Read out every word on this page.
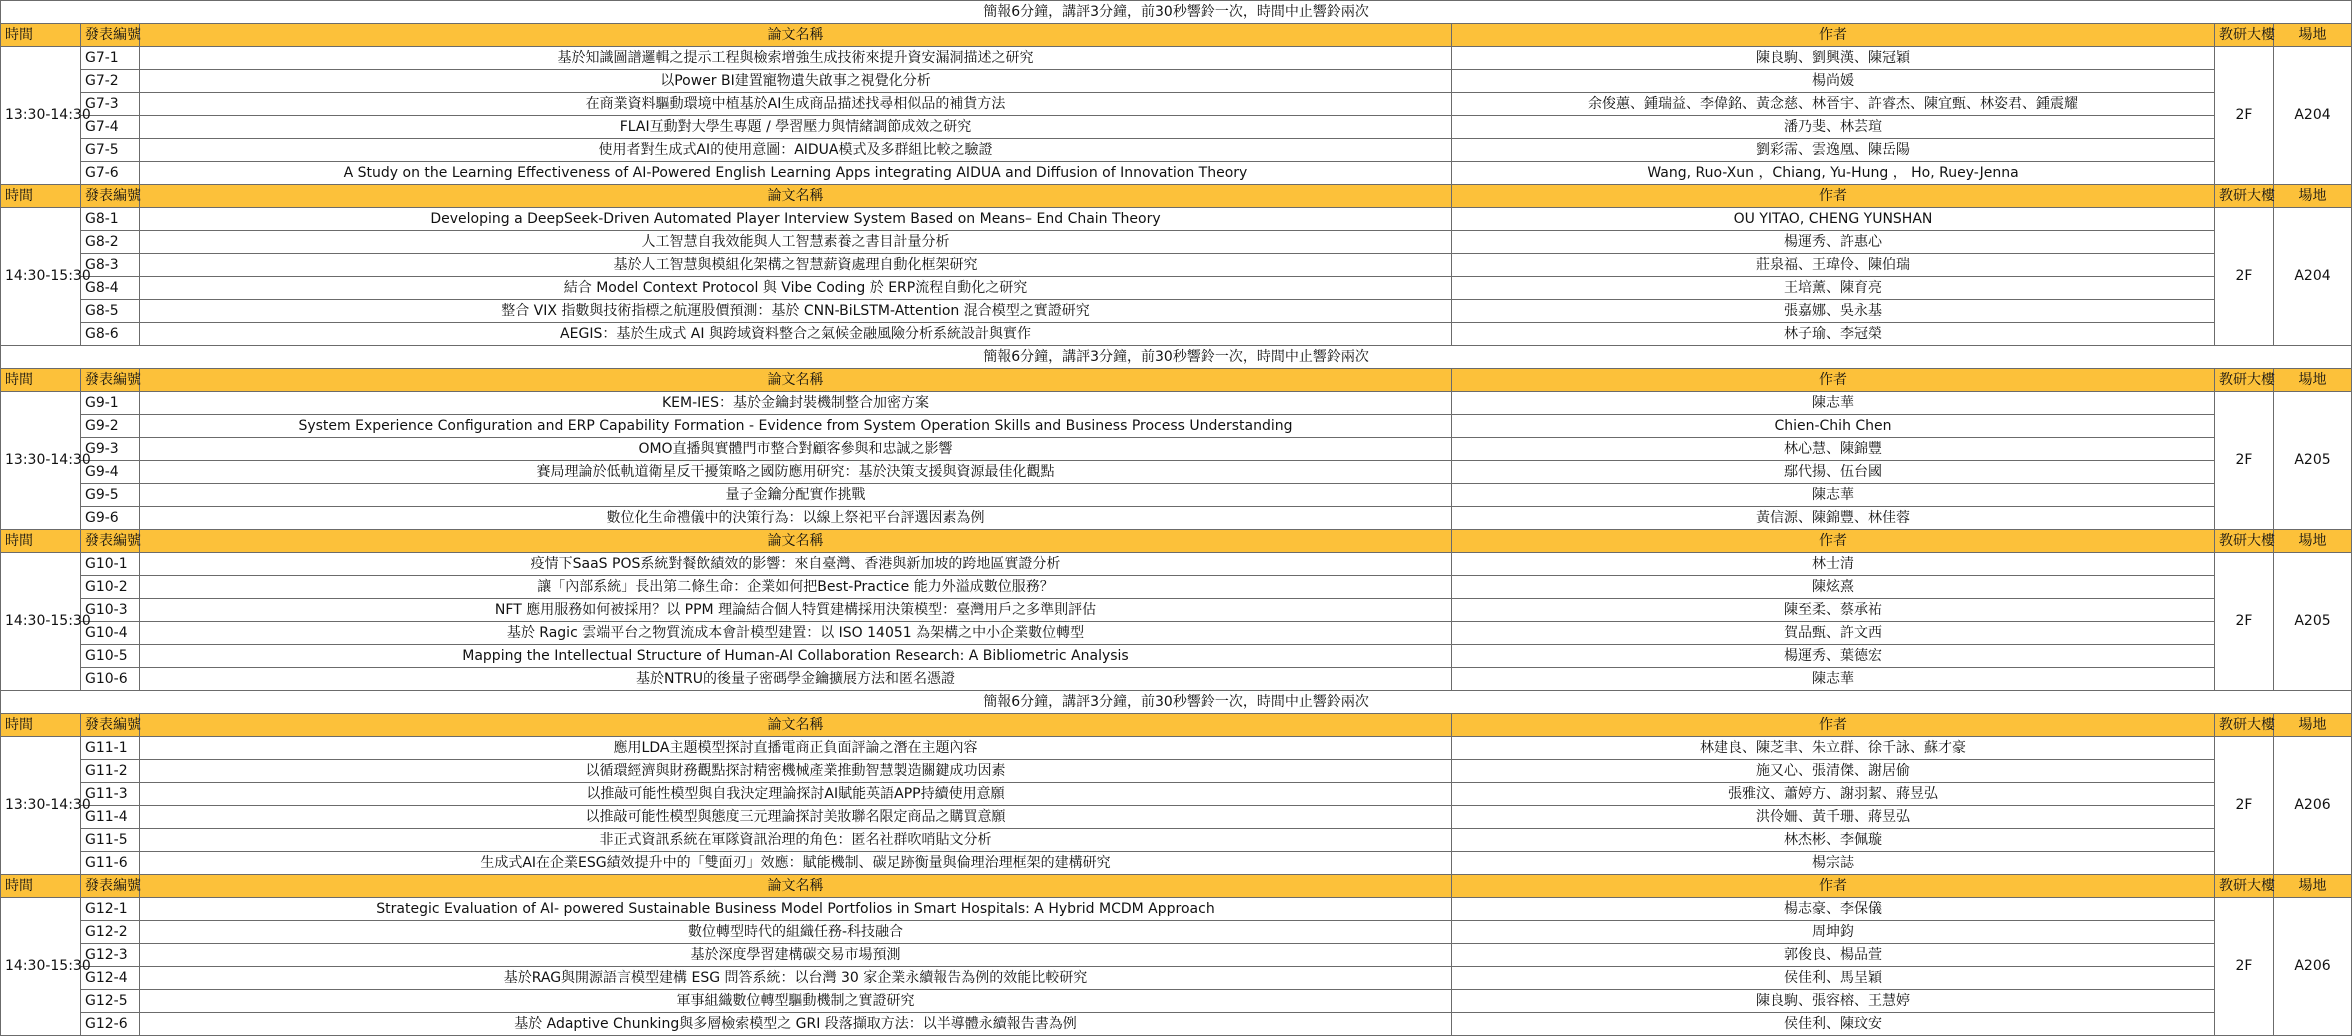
簡報6分鐘，講評3分鐘，前30秒響鈴一次，時間中止響鈴兩次					
時間	發表編號	論文名稱	作者	教研大樓	場地
13:30-14:30	G7-1	基於知識圖譜邏輯之提示工程與檢索增強生成技術來提升資安漏洞描述之研究	陳良駒、劉興漢、陳冠穎	2F	A204
	G7-2	以Power BI建置寵物遺失啟事之視覺化分析	楊尚媛		
	G7-3	在商業資料驅動環境中植基於AI生成商品描述找尋相似品的補貨方法	余俊蕙、鍾瑞益、李偉銘、黃念慈、林晉宇、許睿杰、陳宜甄、林姿君、鍾震耀		
	G7-4	FLAI互動對大學生專題 / 學習壓力與情緒調節成效之研究	潘乃斐、林芸瑄		
	G7-5	使用者對生成式AI的使用意圖：AIDUA模式及多群組比較之驗證	劉彩霈、雲逸凰、陳岳陽		
	G7-6	A Study on the Learning Effectiveness of AI-Powered English Learning Apps integrating AIDUA and Diffusion of Innovation Theory	Wang, Ruo-Xun ，Chiang, Yu-Hung ， Ho, Ruey-Jenna		
時間	發表編號	論文名稱	作者	教研大樓	場地
14:30-15:30	G8-1	Developing a DeepSeek-Driven Automated Player Interview System Based on Means– End Chain Theory	OU YITAO, CHENG YUNSHAN	2F	A204
	G8-2	人工智慧自我效能與人工智慧素養之書目計量分析	楊運秀、許惠心		
	G8-3	基於人工智慧與模組化架構之智慧薪資處理自動化框架研究	莊泉福、王瑋伶、陳伯瑞		
	G8-4	結合 Model Context Protocol 與 Vibe Coding 於 ERP流程自動化之研究	王培薰、陳育亮		
	G8-5	整合 VIX 指數與技術指標之航運股價預測：基於 CNN-BiLSTM-Attention 混合模型之實證研究	張嘉娜、吳永基		
	G8-6	AEGIS：基於生成式 AI 與跨域資料整合之氣候金融風險分析系統設計與實作	林子瑜、李冠榮		
簡報6分鐘，講評3分鐘，前30秒響鈴一次，時間中止響鈴兩次					
時間	發表編號	論文名稱	作者	教研大樓	場地
13:30-14:30	G9-1	KEM-IES：基於金鑰封裝機制整合加密方案	陳志華	2F	A205
	G9-2	System Experience Configuration and ERP Capability Formation - Evidence from System Operation Skills and Business Process Understanding	Chien-Chih Chen		
	G9-3	OMO直播與實體門市整合對顧客參與和忠誠之影響	林心慧、陳錦豐		
	G9-4	賽局理論於低軌道衛星反干擾策略之國防應用研究：基於決策支援與資源最佳化觀點	鄢代揚、伍台國		
	G9-5	量子金鑰分配實作挑戰	陳志華		
	G9-6	數位化生命禮儀中的決策行為：以線上祭祀平台評選因素為例	黃信源、陳錦豐、林佳蓉		
時間	發表編號	論文名稱	作者	教研大樓	場地
14:30-15:30	G10-1	疫情下SaaS POS系統對餐飲績效的影響：來自臺灣、香港與新加坡的跨地區實證分析	林士清	2F	A205
	G10-2	讓「內部系統」長出第二條生命：企業如何把Best-Practice 能力外溢成數位服務？	陳炫熹		
	G10-3	NFT 應用服務如何被採用？以 PPM 理論結合個人特質建構採用決策模型：臺灣用戶之多準則評估	陳至柔、蔡承祐		
	G10-4	基於 Ragic 雲端平台之物質流成本會計模型建置：以 ISO 14051 為架構之中小企業數位轉型	賀品甄、許文西		
	G10-5	Mapping the Intellectual Structure of Human-AI Collaboration Research: A Bibliometric Analysis	楊運秀、葉德宏		
	G10-6	基於NTRU的後量子密碼學金鑰擴展方法和匿名憑證	陳志華		
簡報6分鐘，講評3分鐘，前30秒響鈴一次，時間中止響鈴兩次					
時間	發表編號	論文名稱	作者	教研大樓	場地
13:30-14:30	G11-1	應用LDA主題模型探討直播電商正負面評論之潛在主題內容	林建良、陳芝聿、朱立群、徐千詠、蘇才豪	2F	A206
	G11-2	以循環經濟與財務觀點探討精密機械產業推動智慧製造關鍵成功因素	施又心、張清傑、謝居偷		
	G11-3	以推敲可能性模型與自我決定理論探討AI賦能英語APP持續使用意願	張雅汶、蕭婷方、謝羽絜、蔣昱弘		
	G11-4	以推敲可能性模型與態度三元理論探討美妝聯名限定商品之購買意願	洪伶姍、黃千珊、蔣昱弘		
	G11-5	非正式資訊系統在軍隊資訊治理的角色：匿名社群吹哨貼文分析	林杰彬、李佩璇		
	G11-6	生成式AI在企業ESG績效提升中的「雙面刃」效應：賦能機制、碳足跡衡量與倫理治理框架的建構研究	楊宗誌		
時間	發表編號	論文名稱	作者	教研大樓	場地
14:30-15:30	G12-1	Strategic Evaluation of AI- powered Sustainable Business Model Portfolios in Smart Hospitals: A Hybrid MCDM Approach	楊志豪、李保儀	2F	A206
	G12-2	數位轉型時代的組織任務-科技融合	周坤鈞		
	G12-3	基於深度學習建構碳交易市場預測	郭俊良、楊品萱		
	G12-4	基於RAG與開源語言模型建構 ESG 問答系統：以台灣 30 家企業永續報告為例的效能比較研究	侯佳利、馬呈穎		
	G12-5	軍事組織數位轉型驅動機制之實證研究	陳良駒、張容榕、王慧婷		
	G12-6	基於 Adaptive Chunking與多層檢索模型之 GRI 段落擷取方法：以半導體永續報告書為例	侯佳利、陳玟安		
